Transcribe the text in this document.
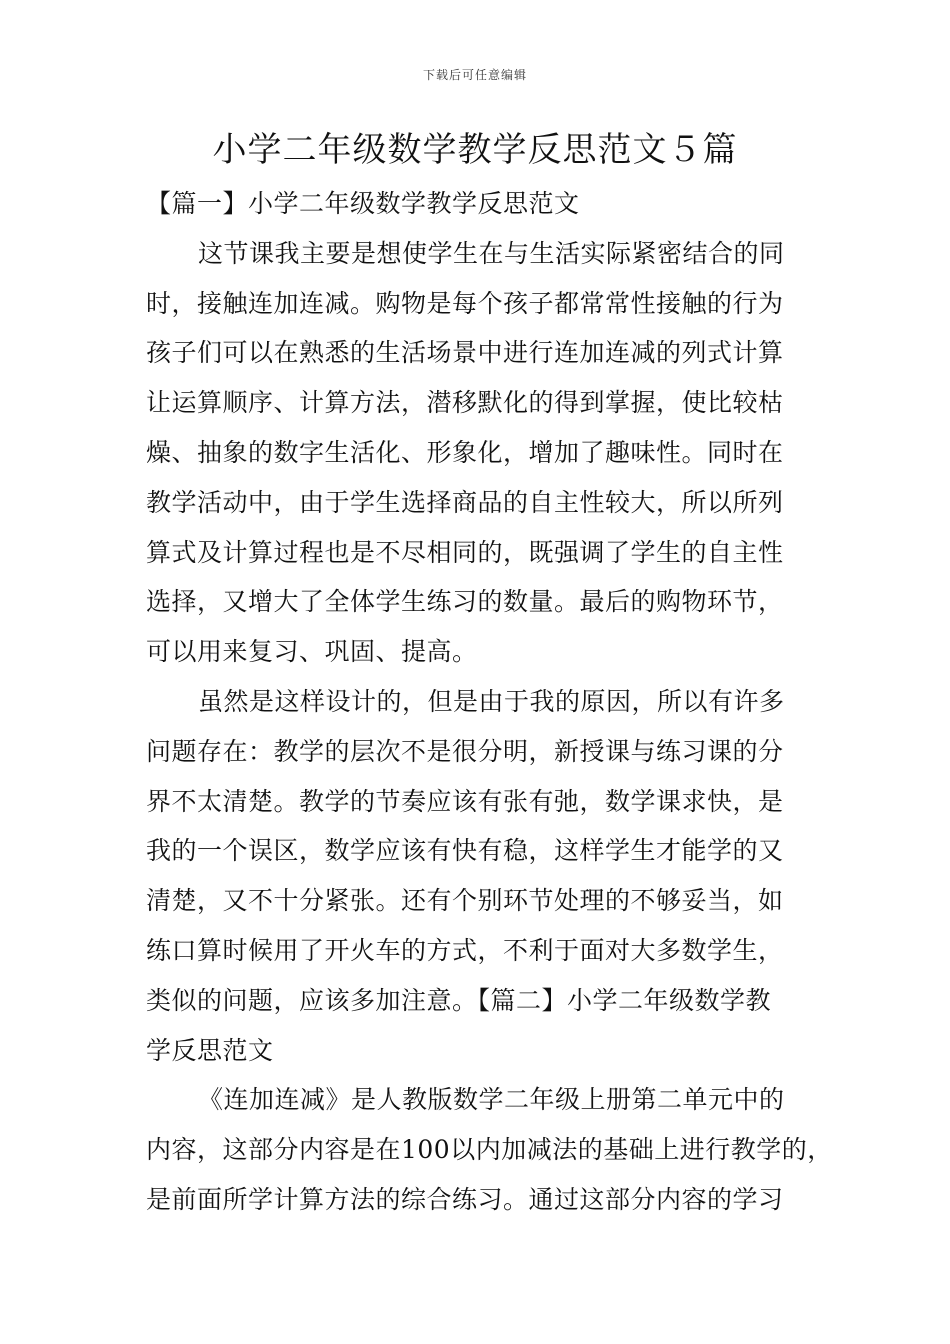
下载后可任意编辑
小学二年级数学教学反思范文５篇
【篇一】小学二年级数学教学反思范文
这节课我主要是想使学生在与生活实际紧密结合的同
时，接触连加连减。购物是每个孩子都常常性接触的行为
孩子们可以在熟悉的生活场景中进行连加连减的列式计算
让运算顺序、计算方法，潜移默化的得到掌握，使比较枯
燥、抽象的数字生活化、形象化，增加了趣味性。同时在
教学活动中，由于学生选择商品的自主性较大，所以所列
算式及计算过程也是不尽相同的，既强调了学生的自主性
选择，又增大了全体学生练习的数量。最后的购物环节，
可以用来复习、巩固、提高。
虽然是这样设计的，但是由于我的原因，所以有许多
问题存在：教学的层次不是很分明，新授课与练习课的分
界不太清楚。教学的节奏应该有张有弛，数学课求快，是
我的一个误区，数学应该有快有稳，这样学生才能学的又
清楚，又不十分紧张。还有个别环节处理的不够妥当，如
练口算时候用了开火车的方式，不利于面对大多数学生，
类似的问题，应该多加注意。【篇二】小学二年级数学教
学反思范文
《连加连减》是人教版数学二年级上册第二单元中的
内容，这部分内容是在100以内加减法的基础上进行教学的，
是前面所学计算方法的综合练习。通过这部分内容的学习
